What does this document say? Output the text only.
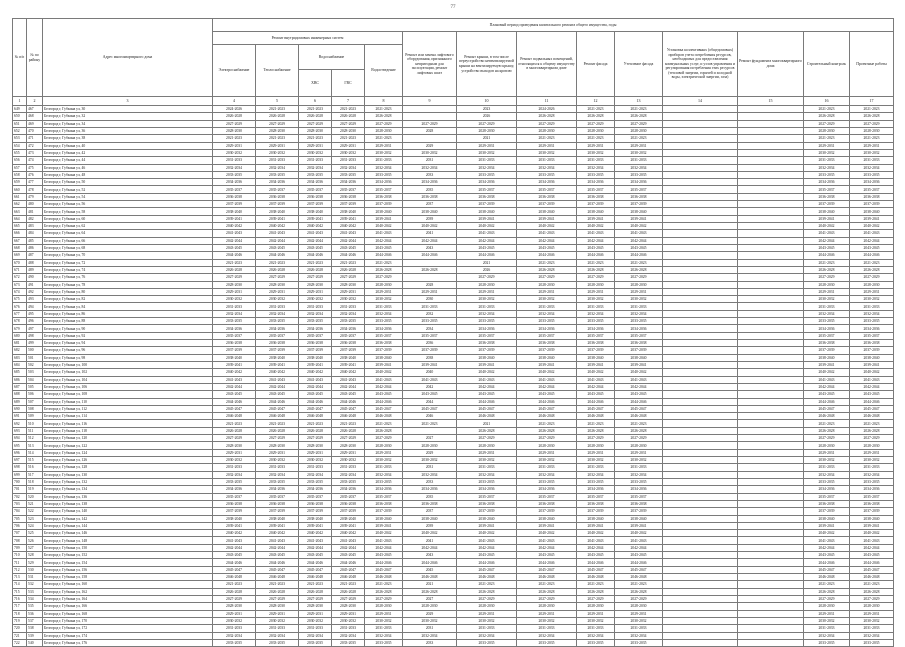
77
№ п/п	№ по району	Адрес многоквартирного дома	Плановый период проведения капитального ремонта общего имущества, годы														
			Ремонт внутридомовых инженерных систем					Ремонт или замена лифтового оборудования, признанного непригодным для эксплуатации, ремонт лифтовых шахт	Ремонт крыши, в том числе переустройство невентилируемой крыши на вентилируемую крышу, устройство выходов на кровлю	Ремонт подвальных помещений, относящихся к общему имуществу в многоквартирном доме	Ремонт фасада	Утепление фасада	Установка коллективных (общедомовых) приборов учета потребления ресурсов, необходимых для предоставления коммунальных услуг, и узлов управления и регулирования потребления этих ресурсов (тепловой энергии, горячей и холодной воды, электрической энергии, газа)	Ремонт фундамента многоквартирного дома	Строительный контроль	Проектные работы	
			Электроснабжение	Теплоснабжение	Водоснабжение		Водоотведение										
					ХВС	ГВС											
1	2	3	4	5	6	7	8	9	10	11	12	13	14	15	16	17	
649	467	Белгород г, Губкина ул, 30	2024-2026	2021-2023	2021-2023	2021-2023	2021-2023		2023	2024-2026	2021-2023	2021-2023			2021-2023	2021-2023	
650	468	Белгород г, Губкина ул, 32	2026-2028	2026-2028	2026-2028	2026-2028	2026-2028		2026	2026-2028	2026-2028	2026-2028			2026-2028	2026-2028	
651	469	Белгород г, Губкина ул, 34	2027-2029	2027-2029	2027-2029	2027-2029	2027-2029	2027-2029	2027-2029	2027-2029	2027-2029	2027-2029			2027-2029	2027-2029	
652	470	Белгород г, Губкина ул, 36	2028-2030	2028-2030	2028-2030	2028-2030	2028-2030	2028	2028-2030	2028-2030	2028-2030	2028-2030			2028-2030	2028-2030	
653	471	Белгород г, Губкина ул, 38	2021-2023	2021-2023	2021-2023	2021-2023	2021-2023		2021	2021-2023	2021-2023	2021-2023			2021-2023	2021-2023	
654	472	Белгород г, Губкина ул, 40	2029-2031	2029-2031	2029-2031	2029-2031	2029-2031	2029	2029-2031	2029-2031	2029-2031	2029-2031			2029-2031	2029-2031	
655	473	Белгород г, Губкина ул, 42	2030-2032	2030-2032	2030-2032	2030-2032	2030-2032	2030-2032	2030-2032	2030-2032	2030-2032	2030-2032			2030-2032	2030-2032	
656	474	Белгород г, Губкина ул, 44	2031-2033	2031-2033	2031-2033	2031-2033	2031-2033	2031	2031-2033	2031-2033	2031-2033	2031-2033			2031-2033	2031-2033	
657	475	Белгород г, Губкина ул, 46	2032-2034	2032-2034	2032-2034	2032-2034	2032-2034	2032-2034	2032-2034	2032-2034	2032-2034	2032-2034			2032-2034	2032-2034	
658	476	Белгород г, Губкина ул, 48	2033-2035	2033-2035	2033-2035	2033-2035	2033-2035	2033	2033-2035	2033-2035	2033-2035	2033-2035			2033-2035	2033-2035	
659	477	Белгород г, Губкина ул, 50	2034-2036	2034-2036	2034-2036	2034-2036	2034-2036	2034-2036	2034-2036	2034-2036	2034-2036	2034-2036			2034-2036	2034-2036	
660	478	Белгород г, Губкина ул, 52	2035-2037	2035-2037	2035-2037	2035-2037	2035-2037	2035	2035-2037	2035-2037	2035-2037	2035-2037			2035-2037	2035-2037	
661	479	Белгород г, Губкина ул, 54	2036-2038	2036-2038	2036-2038	2036-2038	2036-2038	2036-2038	2036-2038	2036-2038	2036-2038	2036-2038			2036-2038	2036-2038	
662	480	Белгород г, Губкина ул, 56	2037-2039	2037-2039	2037-2039	2037-2039	2037-2039	2037	2037-2039	2037-2039	2037-2039	2037-2039			2037-2039	2037-2039	
663	481	Белгород г, Губкина ул, 58	2038-2040	2038-2040	2038-2040	2038-2040	2038-2040	2038-2040	2038-2040	2038-2040	2038-2040	2038-2040			2038-2040	2038-2040	
664	482	Белгород г, Губкина ул, 60	2039-2041	2039-2041	2039-2041	2039-2041	2039-2041	2039	2039-2041	2039-2041	2039-2041	2039-2041			2039-2041	2039-2041	
665	483	Белгород г, Губкина ул, 62	2040-2042	2040-2042	2040-2042	2040-2042	2040-2042	2040-2042	2040-2042	2040-2042	2040-2042	2040-2042			2040-2042	2040-2042	
666	484	Белгород г, Губкина ул, 64	2041-2043	2041-2043	2041-2043	2041-2043	2041-2043	2041	2041-2043	2041-2043	2041-2043	2041-2043			2041-2043	2041-2043	
667	485	Белгород г, Губкина ул, 66	2042-2044	2042-2044	2042-2044	2042-2044	2042-2044	2042-2044	2042-2044	2042-2044	2042-2044	2042-2044			2042-2044	2042-2044	
668	486	Белгород г, Губкина ул, 68	2043-2045	2043-2045	2043-2045	2043-2045	2043-2045	2043	2043-2045	2043-2045	2043-2045	2043-2045			2043-2045	2043-2045	
669	487	Белгород г, Губкина ул, 70	2044-2046	2044-2046	2044-2046	2044-2046	2044-2046	2044-2046	2044-2046	2044-2046	2044-2046	2044-2046			2044-2046	2044-2046	
670	488	Белгород г, Губкина ул, 72	2021-2023	2021-2023	2021-2023	2021-2023	2021-2023		2021	2021-2023	2021-2023	2021-2023			2021-2023	2021-2023	
671	489	Белгород г, Губкина ул, 74	2026-2028	2026-2028	2026-2028	2026-2028	2026-2028	2026-2028	2026	2026-2028	2026-2028	2026-2028			2026-2028	2026-2028	
672	490	Белгород г, Губкина ул, 76	2027-2029	2027-2029	2027-2029	2027-2029	2027-2029		2027-2029	2027-2029	2027-2029	2027-2029			2027-2029	2027-2029	
673	491	Белгород г, Губкина ул, 78	2028-2030	2028-2030	2028-2030	2028-2030	2028-2030	2028	2028-2030	2028-2030	2028-2030	2028-2030			2028-2030	2028-2030	
674	492	Белгород г, Губкина ул, 80	2029-2031	2029-2031	2029-2031	2029-2031	2029-2031	2029-2031	2029-2031	2029-2031	2029-2031	2029-2031			2029-2031	2029-2031	
675	493	Белгород г, Губкина ул, 82	2030-2032	2030-2032	2030-2032	2030-2032	2030-2032	2030	2030-2032	2030-2032	2030-2032	2030-2032			2030-2032	2030-2032	
676	494	Белгород г, Губкина ул, 84	2031-2033	2031-2033	2031-2033	2031-2033	2031-2033	2031-2033	2031-2033	2031-2033	2031-2033	2031-2033			2031-2033	2031-2033	
677	495	Белгород г, Губкина ул, 86	2032-2034	2032-2034	2032-2034	2032-2034	2032-2034	2032	2032-2034	2032-2034	2032-2034	2032-2034			2032-2034	2032-2034	
678	496	Белгород г, Губкина ул, 88	2033-2035	2033-2035	2033-2035	2033-2035	2033-2035	2033-2035	2033-2035	2033-2035	2033-2035	2033-2035			2033-2035	2033-2035	
679	497	Белгород г, Губкина ул, 90	2034-2036	2034-2036	2034-2036	2034-2036	2034-2036	2034	2034-2036	2034-2036	2034-2036	2034-2036			2034-2036	2034-2036	
680	498	Белгород г, Губкина ул, 92	2035-2037	2035-2037	2035-2037	2035-2037	2035-2037	2035-2037	2035-2037	2035-2037	2035-2037	2035-2037			2035-2037	2035-2037	
681	499	Белгород г, Губкина ул, 94	2036-2038	2036-2038	2036-2038	2036-2038	2036-2038	2036	2036-2038	2036-2038	2036-2038	2036-2038			2036-2038	2036-2038	
682	500	Белгород г, Губкина ул, 96	2037-2039	2037-2039	2037-2039	2037-2039	2037-2039	2037-2039	2037-2039	2037-2039	2037-2039	2037-2039			2037-2039	2037-2039	
683	501	Белгород г, Губкина ул, 98	2038-2040	2038-2040	2038-2040	2038-2040	2038-2040	2038	2038-2040	2038-2040	2038-2040	2038-2040			2038-2040	2038-2040	
684	502	Белгород г, Губкина ул, 100	2039-2041	2039-2041	2039-2041	2039-2041	2039-2041	2039-2041	2039-2041	2039-2041	2039-2041	2039-2041			2039-2041	2039-2041	
685	503	Белгород г, Губкина ул, 102	2040-2042	2040-2042	2040-2042	2040-2042	2040-2042	2040	2040-2042	2040-2042	2040-2042	2040-2042			2040-2042	2040-2042	
686	504	Белгород г, Губкина ул, 104	2041-2043	2041-2043	2041-2043	2041-2043	2041-2043	2041-2043	2041-2043	2041-2043	2041-2043	2041-2043			2041-2043	2041-2043	
687	505	Белгород г, Губкина ул, 106	2042-2044	2042-2044	2042-2044	2042-2044	2042-2044	2042	2042-2044	2042-2044	2042-2044	2042-2044			2042-2044	2042-2044	
688	506	Белгород г, Губкина ул, 108	2043-2045	2043-2045	2043-2045	2043-2045	2043-2045	2043-2045	2043-2045	2043-2045	2043-2045	2043-2045			2043-2045	2043-2045	
689	507	Белгород г, Губкина ул, 110	2044-2046	2044-2046	2044-2046	2044-2046	2044-2046	2044	2044-2046	2044-2046	2044-2046	2044-2046			2044-2046	2044-2046	
690	508	Белгород г, Губкина ул, 112	2045-2047	2045-2047	2045-2047	2045-2047	2045-2047	2045-2047	2045-2047	2045-2047	2045-2047	2045-2047			2045-2047	2045-2047	
691	509	Белгород г, Губкина ул, 114	2046-2048	2046-2048	2046-2048	2046-2048	2046-2048	2046	2046-2048	2046-2048	2046-2048	2046-2048			2046-2048	2046-2048	
692	510	Белгород г, Губкина ул, 116	2021-2023	2021-2023	2021-2023	2021-2023	2021-2023	2021-2023	2021	2021-2023	2021-2023	2021-2023			2021-2023	2021-2023	
693	511	Белгород г, Губкина ул, 118	2026-2028	2026-2028	2026-2028	2026-2028	2026-2028		2026-2028	2026-2028	2026-2028	2026-2028			2026-2028	2026-2028	
694	512	Белгород г, Губкина ул, 120	2027-2029	2027-2029	2027-2029	2027-2029	2027-2029	2027	2027-2029	2027-2029	2027-2029	2027-2029			2027-2029	2027-2029	
695	513	Белгород г, Губкина ул, 122	2028-2030	2028-2030	2028-2030	2028-2030	2028-2030	2028-2030	2028-2030	2028-2030	2028-2030	2028-2030			2028-2030	2028-2030	
696	514	Белгород г, Губкина ул, 124	2029-2031	2029-2031	2029-2031	2029-2031	2029-2031	2029	2029-2031	2029-2031	2029-2031	2029-2031			2029-2031	2029-2031	
697	515	Белгород г, Губкина ул, 126	2030-2032	2030-2032	2030-2032	2030-2032	2030-2032	2030-2032	2030-2032	2030-2032	2030-2032	2030-2032			2030-2032	2030-2032	
698	516	Белгород г, Губкина ул, 128	2031-2033	2031-2033	2031-2033	2031-2033	2031-2033	2031	2031-2033	2031-2033	2031-2033	2031-2033			2031-2033	2031-2033	
699	517	Белгород г, Губкина ул, 130	2032-2034	2032-2034	2032-2034	2032-2034	2032-2034	2032-2034	2032-2034	2032-2034	2032-2034	2032-2034			2032-2034	2032-2034	
700	518	Белгород г, Губкина ул, 132	2033-2035	2033-2035	2033-2035	2033-2035	2033-2035	2033	2033-2035	2033-2035	2033-2035	2033-2035			2033-2035	2033-2035	
701	519	Белгород г, Губкина ул, 134	2034-2036	2034-2036	2034-2036	2034-2036	2034-2036	2034-2036	2034-2036	2034-2036	2034-2036	2034-2036			2034-2036	2034-2036	
702	520	Белгород г, Губкина ул, 136	2035-2037	2035-2037	2035-2037	2035-2037	2035-2037	2035	2035-2037	2035-2037	2035-2037	2035-2037			2035-2037	2035-2037	
703	521	Белгород г, Губкина ул, 138	2036-2038	2036-2038	2036-2038	2036-2038	2036-2038	2036-2038	2036-2038	2036-2038	2036-2038	2036-2038			2036-2038	2036-2038	
704	522	Белгород г, Губкина ул, 140	2037-2039	2037-2039	2037-2039	2037-2039	2037-2039	2037	2037-2039	2037-2039	2037-2039	2037-2039			2037-2039	2037-2039	
705	523	Белгород г, Губкина ул, 142	2038-2040	2038-2040	2038-2040	2038-2040	2038-2040	2038-2040	2038-2040	2038-2040	2038-2040	2038-2040			2038-2040	2038-2040	
706	524	Белгород г, Губкина ул, 144	2039-2041	2039-2041	2039-2041	2039-2041	2039-2041	2039	2039-2041	2039-2041	2039-2041	2039-2041			2039-2041	2039-2041	
707	525	Белгород г, Губкина ул, 146	2040-2042	2040-2042	2040-2042	2040-2042	2040-2042	2040-2042	2040-2042	2040-2042	2040-2042	2040-2042			2040-2042	2040-2042	
708	526	Белгород г, Губкина ул, 148	2041-2043	2041-2043	2041-2043	2041-2043	2041-2043	2041	2041-2043	2041-2043	2041-2043	2041-2043			2041-2043	2041-2043	
709	527	Белгород г, Губкина ул, 150	2042-2044	2042-2044	2042-2044	2042-2044	2042-2044	2042-2044	2042-2044	2042-2044	2042-2044	2042-2044			2042-2044	2042-2044	
710	528	Белгород г, Губкина ул, 152	2043-2045	2043-2045	2043-2045	2043-2045	2043-2045	2043	2043-2045	2043-2045	2043-2045	2043-2045			2043-2045	2043-2045	
711	529	Белгород г, Губкина ул, 154	2044-2046	2044-2046	2044-2046	2044-2046	2044-2046	2044-2046	2044-2046	2044-2046	2044-2046	2044-2046			2044-2046	2044-2046	
712	530	Белгород г, Губкина ул, 156	2045-2047	2045-2047	2045-2047	2045-2047	2045-2047	2045	2045-2047	2045-2047	2045-2047	2045-2047			2045-2047	2045-2047	
713	531	Белгород г, Губкина ул, 158	2046-2048	2046-2048	2046-2048	2046-2048	2046-2048	2046-2048	2046-2048	2046-2048	2046-2048	2046-2048			2046-2048	2046-2048	
714	532	Белгород г, Губкина ул, 160	2021-2023	2021-2023	2021-2023	2021-2023	2021-2023	2021	2021-2023	2021-2023	2021-2023	2021-2023			2021-2023	2021-2023	
715	533	Белгород г, Губкина ул, 162	2026-2028	2026-2028	2026-2028	2026-2028	2026-2028	2026-2028	2026-2028	2026-2028	2026-2028	2026-2028			2026-2028	2026-2028	
716	534	Белгород г, Губкина ул, 164	2027-2029	2027-2029	2027-2029	2027-2029	2027-2029	2027	2027-2029	2027-2029	2027-2029	2027-2029			2027-2029	2027-2029	
717	535	Белгород г, Губкина ул, 166	2028-2030	2028-2030	2028-2030	2028-2030	2028-2030	2028-2030	2028-2030	2028-2030	2028-2030	2028-2030			2028-2030	2028-2030	
718	536	Белгород г, Губкина ул, 168	2029-2031	2029-2031	2029-2031	2029-2031	2029-2031	2029	2029-2031	2029-2031	2029-2031	2029-2031			2029-2031	2029-2031	
719	537	Белгород г, Губкина ул, 170	2030-2032	2030-2032	2030-2032	2030-2032	2030-2032	2030-2032	2030-2032	2030-2032	2030-2032	2030-2032			2030-2032	2030-2032	
720	538	Белгород г, Губкина ул, 172	2031-2033	2031-2033	2031-2033	2031-2033	2031-2033	2031	2031-2033	2031-2033	2031-2033	2031-2033			2031-2033	2031-2033	
721	539	Белгород г, Губкина ул, 174	2032-2034	2032-2034	2032-2034	2032-2034	2032-2034	2032-2034	2032-2034	2032-2034	2032-2034	2032-2034			2032-2034	2032-2034	
722	540	Белгород г, Губкина ул, 176	2033-2035	2033-2035	2033-2035	2033-2035	2033-2035	2033	2033-2035	2033-2035	2033-2035	2033-2035			2033-2035	2033-2035	
